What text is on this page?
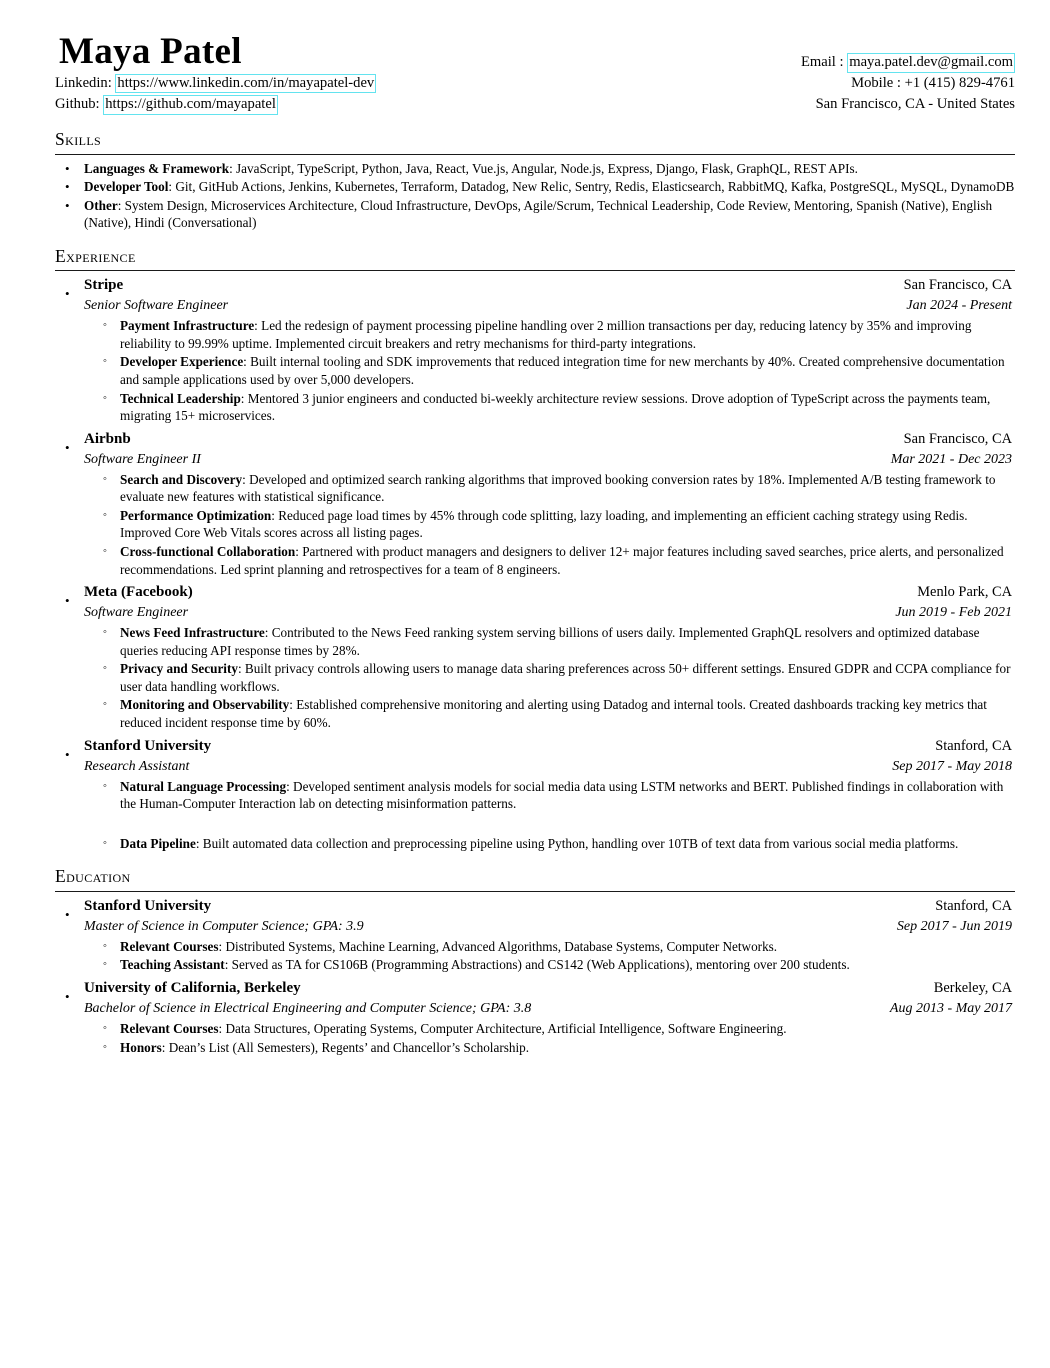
Maya Patel
Linkedin: https://www.linkedin.com/in/mayapatel-dev
Github: https://github.com/mayapatel
Email : maya.patel.dev@gmail.com
Mobile : +1 (415) 829-4761
San Francisco, CA - United States
Skills
• Languages & Framework: JavaScript, TypeScript, Python, Java, React, Vue.js, Angular, Node.js, Express, Django, Flask, GraphQL, REST APIs.
• Developer Tool: Git, GitHub Actions, Jenkins, Kubernetes, Terraform, Datadog, New Relic, Sentry, Redis, Elasticsearch, RabbitMQ, Kafka, PostgreSQL, MySQL, DynamoDB
• Other: System Design, Microservices Architecture, Cloud Infrastructure, DevOps, Agile/Scrum, Technical Leadership, Code Review, Mentoring, Spanish (Native), English (Native), Hindi (Conversational)
Experience
•
Stripe	San Francisco, CA
Senior Software Engineer	Jan 2024 - Present
◦ Payment Infrastructure: Led the redesign of payment processing pipeline handling over 2 million transactions per day, reducing latency by 35% and improving reliability to 99.99% uptime. Implemented circuit breakers and retry mechanisms for third-party integrations.
◦ Developer Experience: Built internal tooling and SDK improvements that reduced integration time for new merchants by 40%. Created comprehensive documentation and sample applications used by over 5,000 developers.
◦ Technical Leadership: Mentored 3 junior engineers and conducted bi-weekly architecture review sessions. Drove adoption of TypeScript across the payments team, migrating 15+ microservices.
•
Airbnb	San Francisco, CA
Software Engineer II	Mar 2021 - Dec 2023
◦ Search and Discovery: Developed and optimized search ranking algorithms that improved booking conversion rates by 18%. Implemented A/B testing framework to evaluate new features with statistical significance.
◦ Performance Optimization: Reduced page load times by 45% through code splitting, lazy loading, and implementing an efficient caching strategy using Redis. Improved Core Web Vitals scores across all listing pages.
◦ Cross-functional Collaboration: Partnered with product managers and designers to deliver 12+ major features including saved searches, price alerts, and personalized recommendations. Led sprint planning and retrospectives for a team of 8 engineers.
•
Meta (Facebook)	Menlo Park, CA
Software Engineer	Jun 2019 - Feb 2021
◦ News Feed Infrastructure: Contributed to the News Feed ranking system serving billions of users daily. Implemented GraphQL resolvers and optimized database queries reducing API response times by 28%.
◦ Privacy and Security: Built privacy controls allowing users to manage data sharing preferences across 50+ different settings. Ensured GDPR and CCPA compliance for user data handling workflows.
◦ Monitoring and Observability: Established comprehensive monitoring and alerting using Datadog and internal tools. Created dashboards tracking key metrics that reduced incident response time by 60%.
•
Stanford University	Stanford, CA
Research Assistant	Sep 2017 - May 2018
◦ Natural Language Processing: Developed sentiment analysis models for social media data using LSTM networks and BERT. Published findings in collaboration with the Human-Computer Interaction lab on detecting misinformation patterns.
◦ Data Pipeline: Built automated data collection and preprocessing pipeline using Python, handling over 10TB of text data from various social media platforms.
Education
•
Stanford University	Stanford, CA
Master of Science in Computer Science; GPA: 3.9	Sep 2017 - Jun 2019
◦ Relevant Courses: Distributed Systems, Machine Learning, Advanced Algorithms, Database Systems, Computer Networks.
◦ Teaching Assistant: Served as TA for CS106B (Programming Abstractions) and CS142 (Web Applications), mentoring over 200 students.
•
University of California, Berkeley	Berkeley, CA
Bachelor of Science in Electrical Engineering and Computer Science; GPA: 3.8	Aug 2013 - May 2017
◦ Relevant Courses: Data Structures, Operating Systems, Computer Architecture, Artificial Intelligence, Software Engineering.
◦ Honors: Dean’s List (All Semesters), Regents’ and Chancellor’s Scholarship.
